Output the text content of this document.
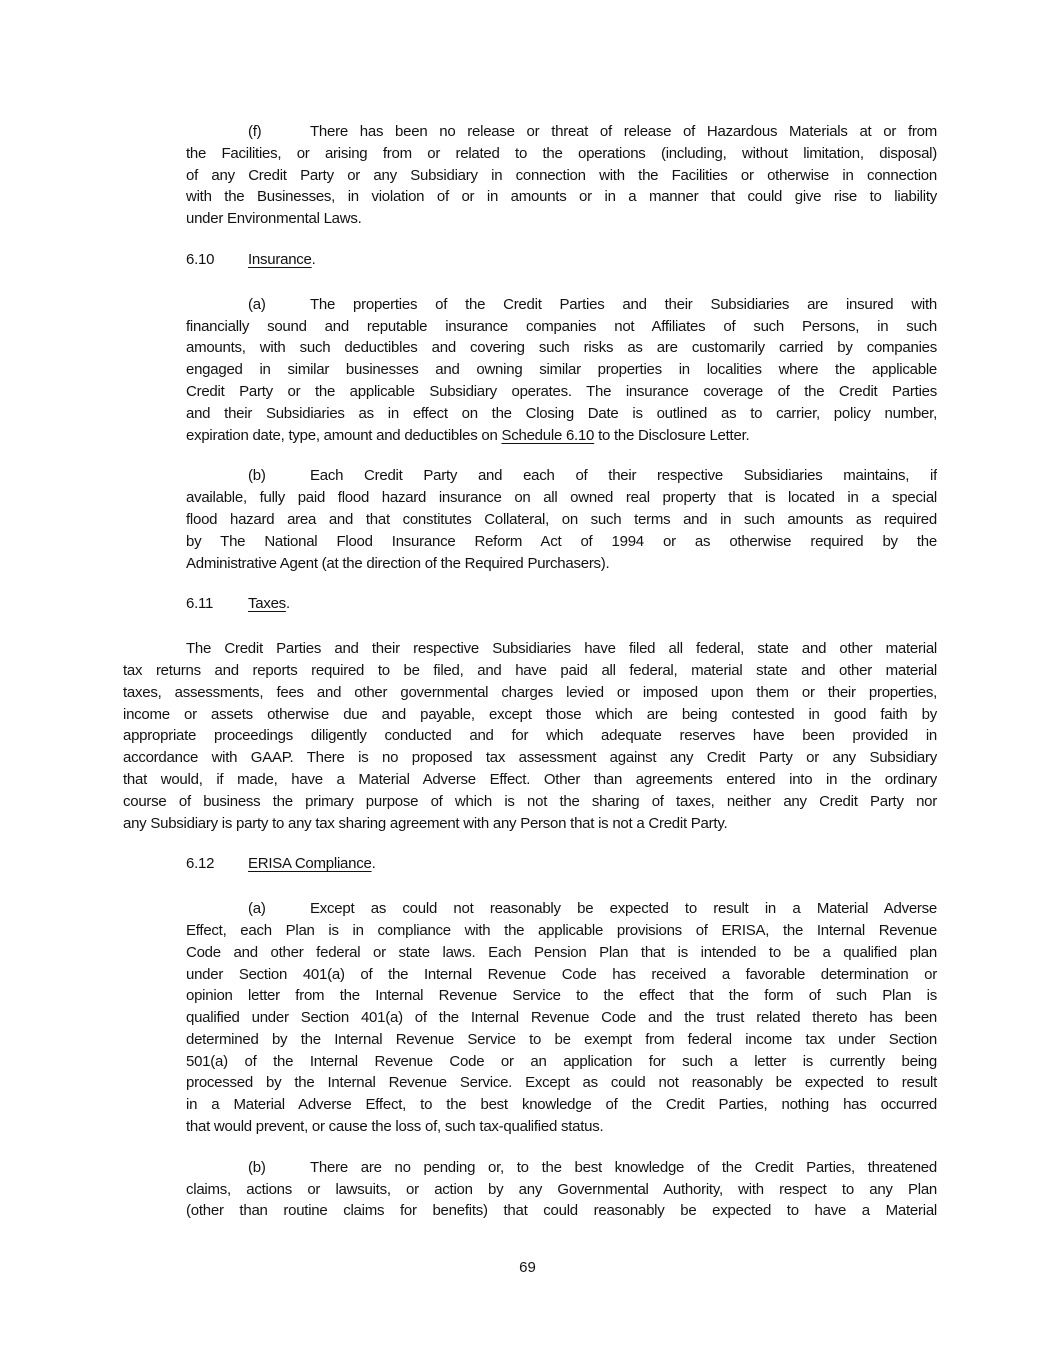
(f)	There has been no release or threat of release of Hazardous Materials at or from
the Facilities, or arising from or related to the operations (including, without limitation, disposal)
of any Credit Party or any Subsidiary in connection with the Facilities or otherwise in connection
with the Businesses, in violation of or in amounts or in a manner that could give rise to liability
under Environmental Laws.
6.10 Insurance.
(a)	The properties of the Credit Parties and their Subsidiaries are insured with
financially sound and reputable insurance companies not Affiliates of such Persons, in such
amounts, with such deductibles and covering such risks as are customarily carried by companies
engaged in similar businesses and owning similar properties in localities where the applicable
Credit Party or the applicable Subsidiary operates. The insurance coverage of the Credit Parties
and their Subsidiaries as in effect on the Closing Date is outlined as to carrier, policy number,
expiration date, type, amount and deductibles on Schedule 6.10 to the Disclosure Letter.
(b)	Each Credit Party and each of their respective Subsidiaries maintains, if
available, fully paid flood hazard insurance on all owned real property that is located in a special
flood hazard area and that constitutes Collateral, on such terms and in such amounts as required
by The National Flood Insurance Reform Act of 1994 or as otherwise required by the
Administrative Agent (at the direction of the Required Purchasers).
6.11 Taxes.
The Credit Parties and their respective Subsidiaries have filed all federal, state and other material
tax returns and reports required to be filed, and have paid all federal, material state and other material
taxes, assessments, fees and other governmental charges levied or imposed upon them or their properties,
income or assets otherwise due and payable, except those which are being contested in good faith by
appropriate proceedings diligently conducted and for which adequate reserves have been provided in
accordance with GAAP. There is no proposed tax assessment against any Credit Party or any Subsidiary
that would, if made, have a Material Adverse Effect. Other than agreements entered into in the ordinary
course of business the primary purpose of which is not the sharing of taxes, neither any Credit Party nor
any Subsidiary is party to any tax sharing agreement with any Person that is not a Credit Party.
6.12 ERISA Compliance.
(a)	Except as could not reasonably be expected to result in a Material Adverse
Effect, each Plan is in compliance with the applicable provisions of ERISA, the Internal Revenue
Code and other federal or state laws. Each Pension Plan that is intended to be a qualified plan
under Section 401(a) of the Internal Revenue Code has received a favorable determination or
opinion letter from the Internal Revenue Service to the effect that the form of such Plan is
qualified under Section 401(a) of the Internal Revenue Code and the trust related thereto has been
determined by the Internal Revenue Service to be exempt from federal income tax under Section
501(a) of the Internal Revenue Code or an application for such a letter is currently being
processed by the Internal Revenue Service. Except as could not reasonably be expected to result
in a Material Adverse Effect, to the best knowledge of the Credit Parties, nothing has occurred
that would prevent, or cause the loss of, such tax-qualified status.
(b)	There are no pending or, to the best knowledge of the Credit Parties, threatened
claims, actions or lawsuits, or action by any Governmental Authority, with respect to any Plan
(other than routine claims for benefits) that could reasonably be expected to have a Material
69
